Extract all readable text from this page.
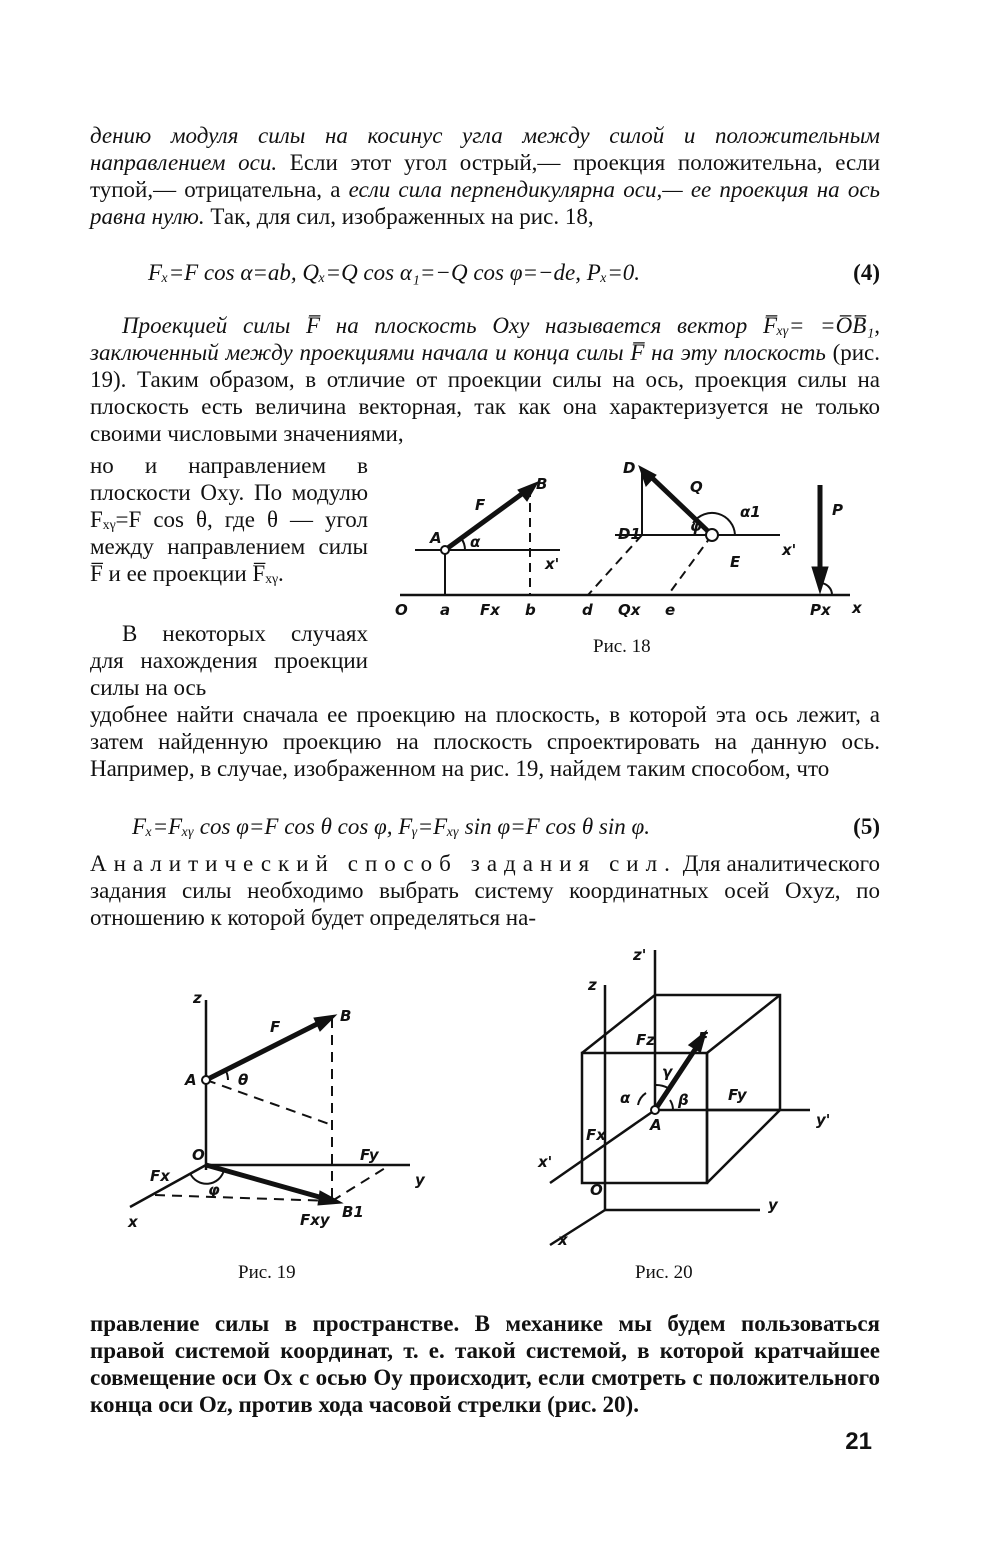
дению модуля силы на косинус угла между силой и положительным направлением оси. Если этот угол острый,— проекция положительна, если тупой,— отрицательна, а если сила перпендикулярна оси,— ее проекция на ось равна нулю. Так, для сил, изображенных на рис. 18,

Fₓ=F cos α=ab, Qₓ=Q cos α₁=−Q cos φ=−de, Pₓ=0.	(4)

Проекцией силы F̅ на плоскость Oxy называется вектор F̅ₓᵧ= =O̅B̅₁, заключенный между проекциями начала и конца силы F̅ на эту плоскость (рис. 19). Таким образом, в отличие от проекции силы на ось, проекция силы на плоскость есть величина векторная, так как она характеризуется не только своими числовыми значениями,

но и направлением в плоскости Oxy. По модулю Fₓᵧ=F cos θ, где θ — угол между направлением силы F̅ и ее проекции F̅ₓᵧ.

В некоторых случаях для нахождения проекции силы на ось

удобнее найти сначала ее проекцию на плоскость, в которой эта ось лежит, а затем найденную проекцию на плоскость спроектировать на данную ось. Например, в случае, изображенном на рис. 19, найдем таким способом, что

Fₓ=Fₓᵧ cos φ=F cos θ cos φ, Fᵧ=Fₓᵧ sin φ=F cos θ sin φ.	(5)

Аналитический способ задания сил. Для аналитического задания силы необходимо выбрать систему координатных осей Oxyz, по отношению к которой будет определяться на-

O a Fx b	d Qx e	Px x
A
B
F
α
x'
D
Q
D1	φ
α1
E
x'
P
Рис. 18
z
F
B
A	θ
O	Fy
Fx
φ
y
x	Fxy B1
Рис. 19
z'
z
Fz	F
γ
α	β	Fy
A
Fx
y'
x'
O
y
x
Рис. 20

правление силы в пространстве. В механике мы будем пользоваться правой системой координат, т. е. такой системой, в которой кратчайшее совмещение оси Ox с осью Oy происходит, если смотреть с положительного конца оси Oz, против хода часовой стрелки (рис. 20).

21
